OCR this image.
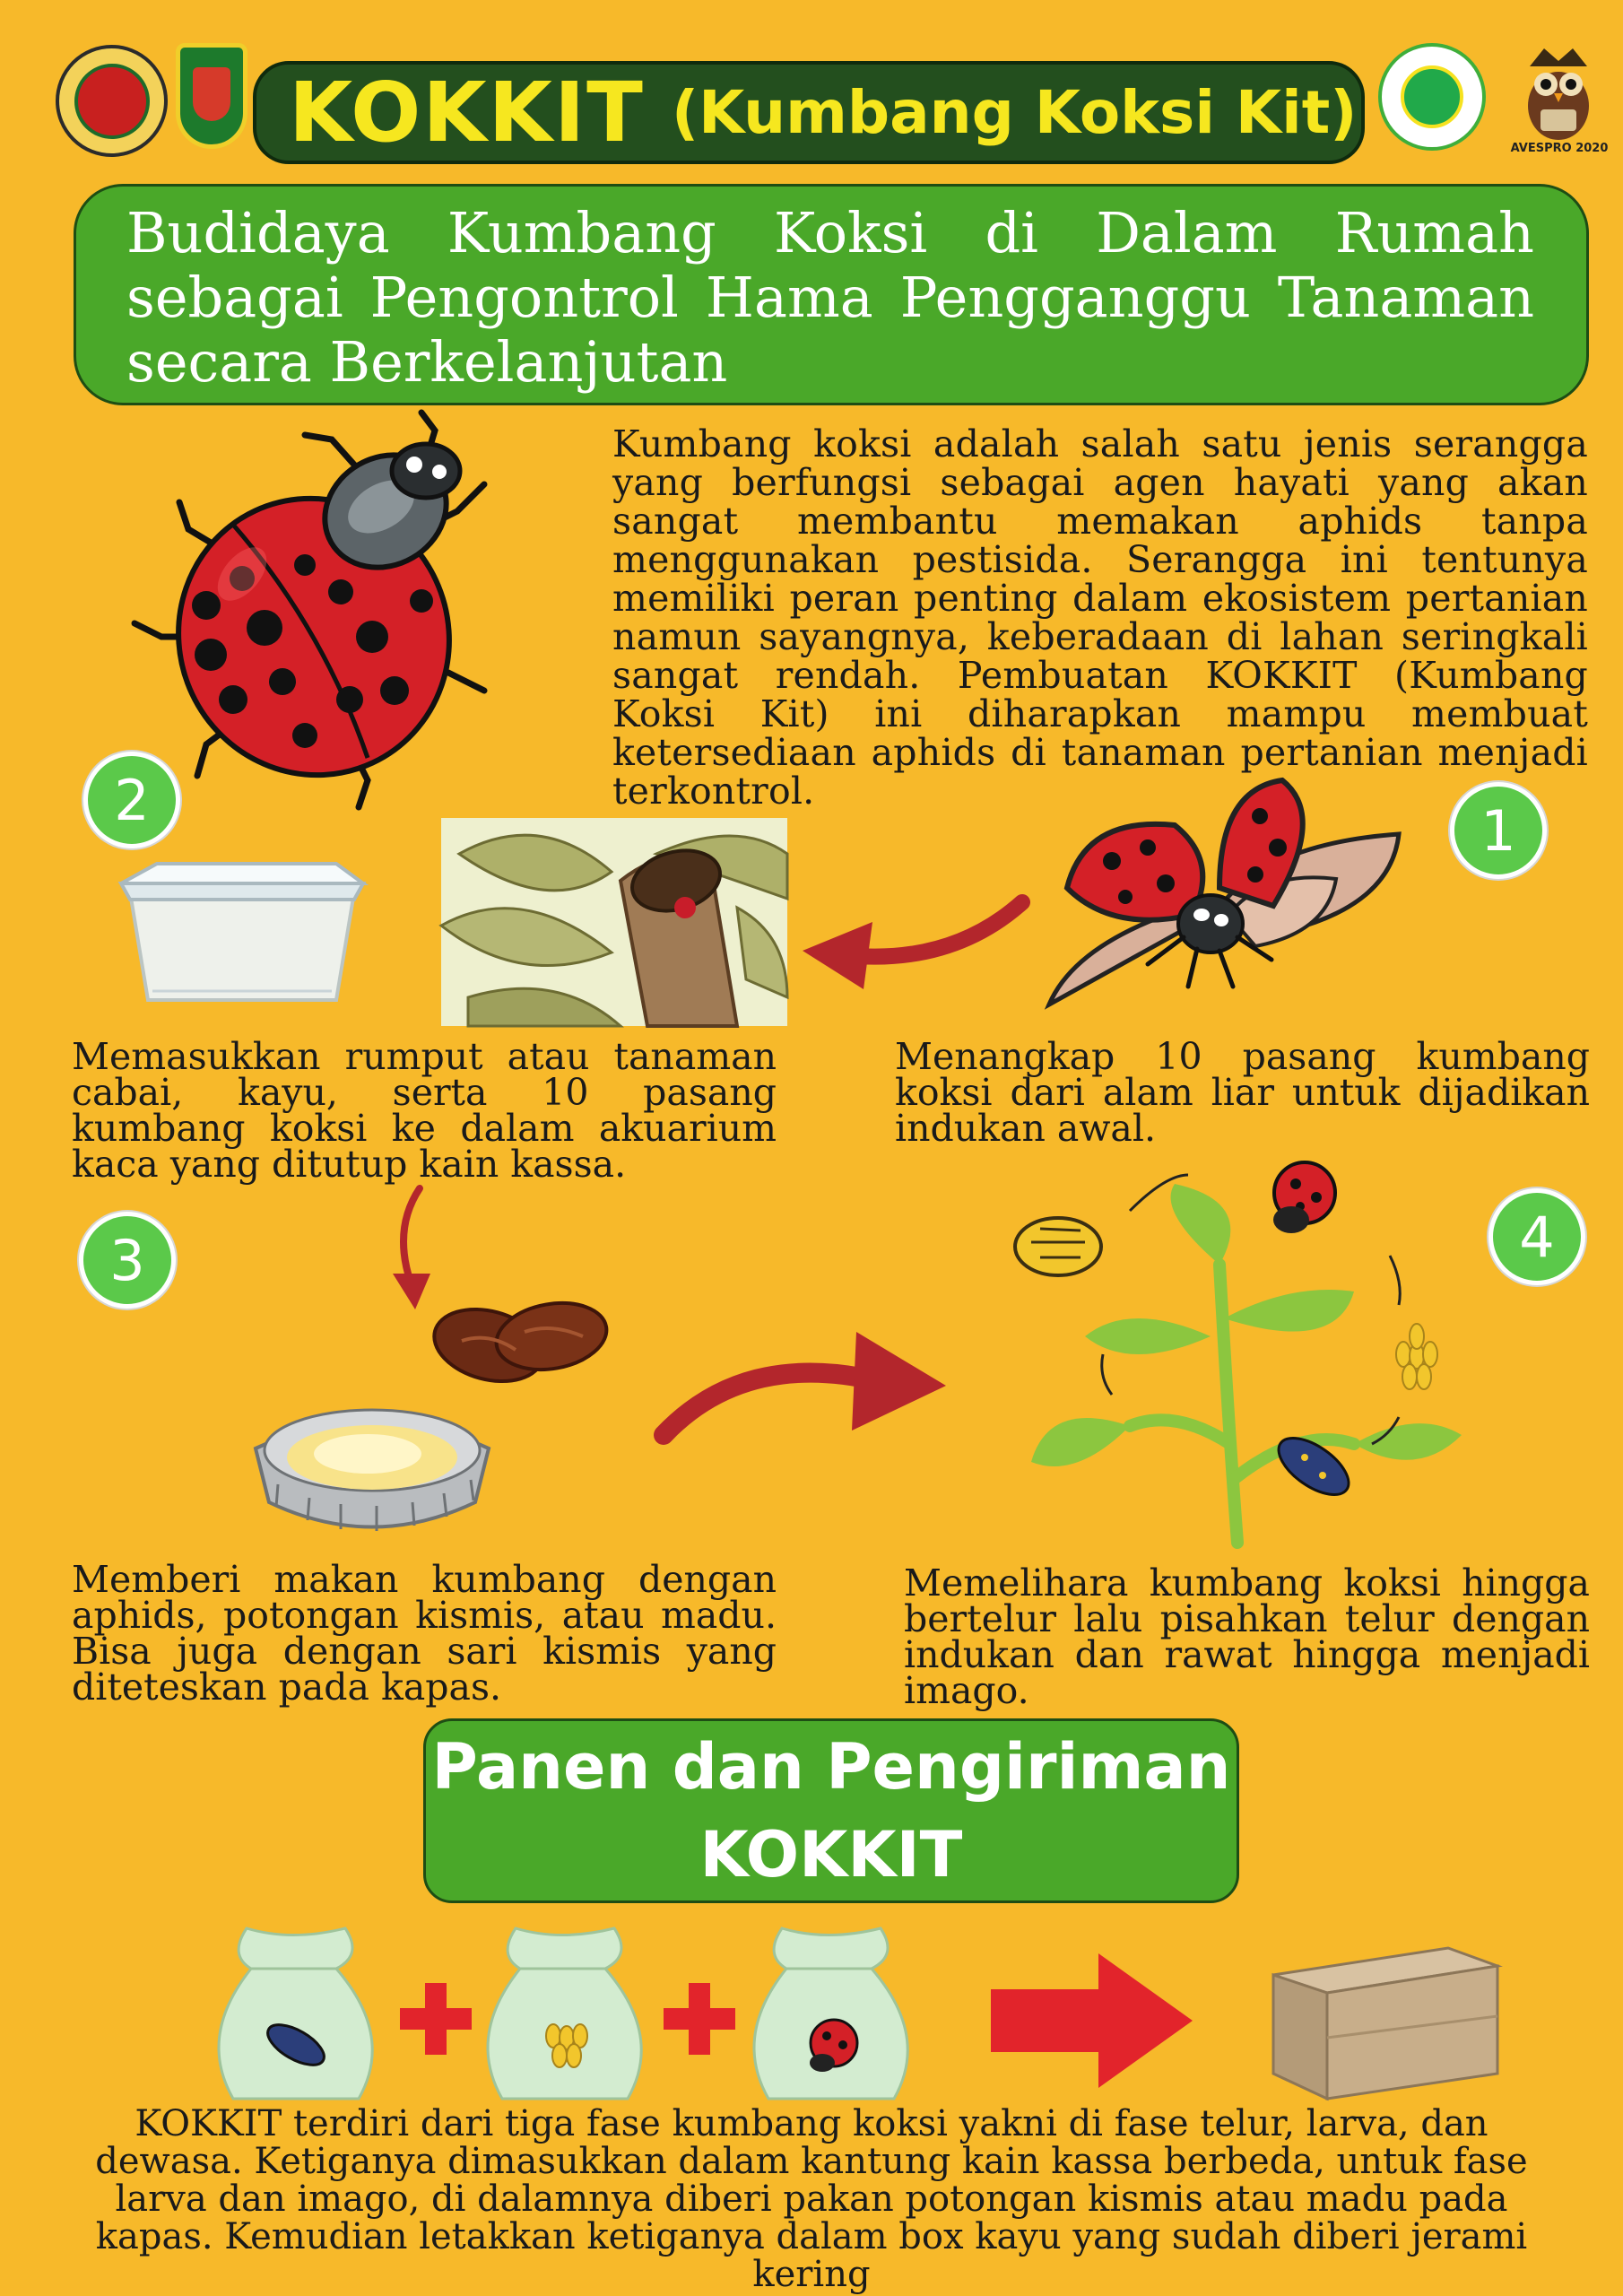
KOKKIT (Kumbang Koksi Kit)
AVESPRO 2020
Budidaya Kumbang Koksi di Dalam Rumah sebagai Pengontrol Hama Pengganggu Tanaman secara Berkelanjutan
Kumbang koksi adalah salah satu jenis serangga yang berfungsi sebagai agen hayati yang akan sangat membantu memakan aphids tanpa menggunakan pestisida. Serangga ini tentunya memiliki peran penting dalam ekosistem pertanian namun sayangnya, keberadaan di lahan seringkali sangat rendah. Pembuatan KOKKIT (Kumbang Koksi Kit) ini diharapkan mampu membuat ketersediaan aphids di tanaman pertanian menjadi terkontrol.
1
2
Menangkap 10 pasang kumbang koksi dari alam liar untuk dijadikan indukan awal.
Memasukkan rumput atau tanaman cabai, kayu, serta 10 pasang kumbang koksi ke dalam akuarium kaca yang ditutup kain kassa.
3	4
Memberi makan kumbang dengan aphids, potongan kismis, atau madu. Bisa juga dengan sari kismis yang diteteskan pada kapas.
Memelihara kumbang koksi hingga bertelur lalu pisahkan telur dengan indukan dan rawat hingga menjadi imago.
Panen dan Pengiriman
KOKKIT
KOKKIT terdiri dari tiga fase kumbang koksi yakni di fase telur, larva, dan dewasa. Ketiganya dimasukkan dalam kantung kain kassa berbeda, untuk fase larva dan imago, di dalamnya diberi pakan potongan kismis atau madu pada kapas. Kemudian letakkan ketiganya dalam box kayu yang sudah diberi jerami kering
